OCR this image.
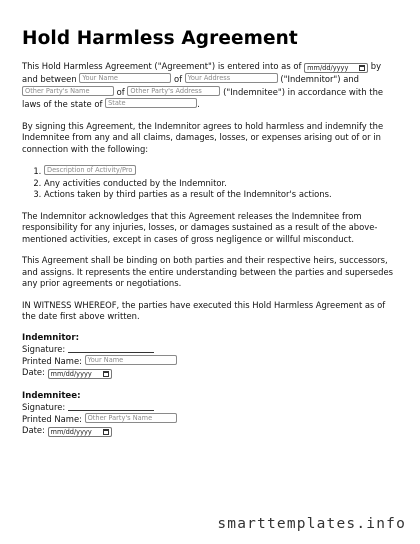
Hold Harmless Agreement

This Hold Harmless Agreement ("Agreement") is entered into as of mm/dd/yyyy	by and between Your Name	of Your Address	("Indemnitor") and Other Party's Name	of Other Party's Address	("Indemnitee") in accordance with the laws of the state of State	.

By signing this Agreement, the Indemnitor agrees to hold harmless and indemnify the Indemnitee from any and all claims, damages, losses, or expenses arising out of or in connection with the following:

1. Description of Activity/Pro
2. Any activities conducted by the Indemnitor.
3. Actions taken by third parties as a result of the Indemnitor's actions.

The Indemnitor acknowledges that this Agreement releases the Indemnitee from responsibility for any injuries, losses, or damages sustained as a result of the above-mentioned activities, except in cases of gross negligence or willful misconduct.

This Agreement shall be binding on both parties and their respective heirs, successors, and assigns. It represents the entire understanding between the parties and supersedes any prior agreements or negotiations.

IN WITNESS WHEREOF, the parties have executed this Hold Harmless Agreement as of the date first above written.

Indemnitor:
Signature:
Printed Name: Your Name
Date: mm/dd/yyyy
Indemnitee:
Signature:
Printed Name: Other Party's Name
Date: mm/dd/yyyy
smarttemplates.info
